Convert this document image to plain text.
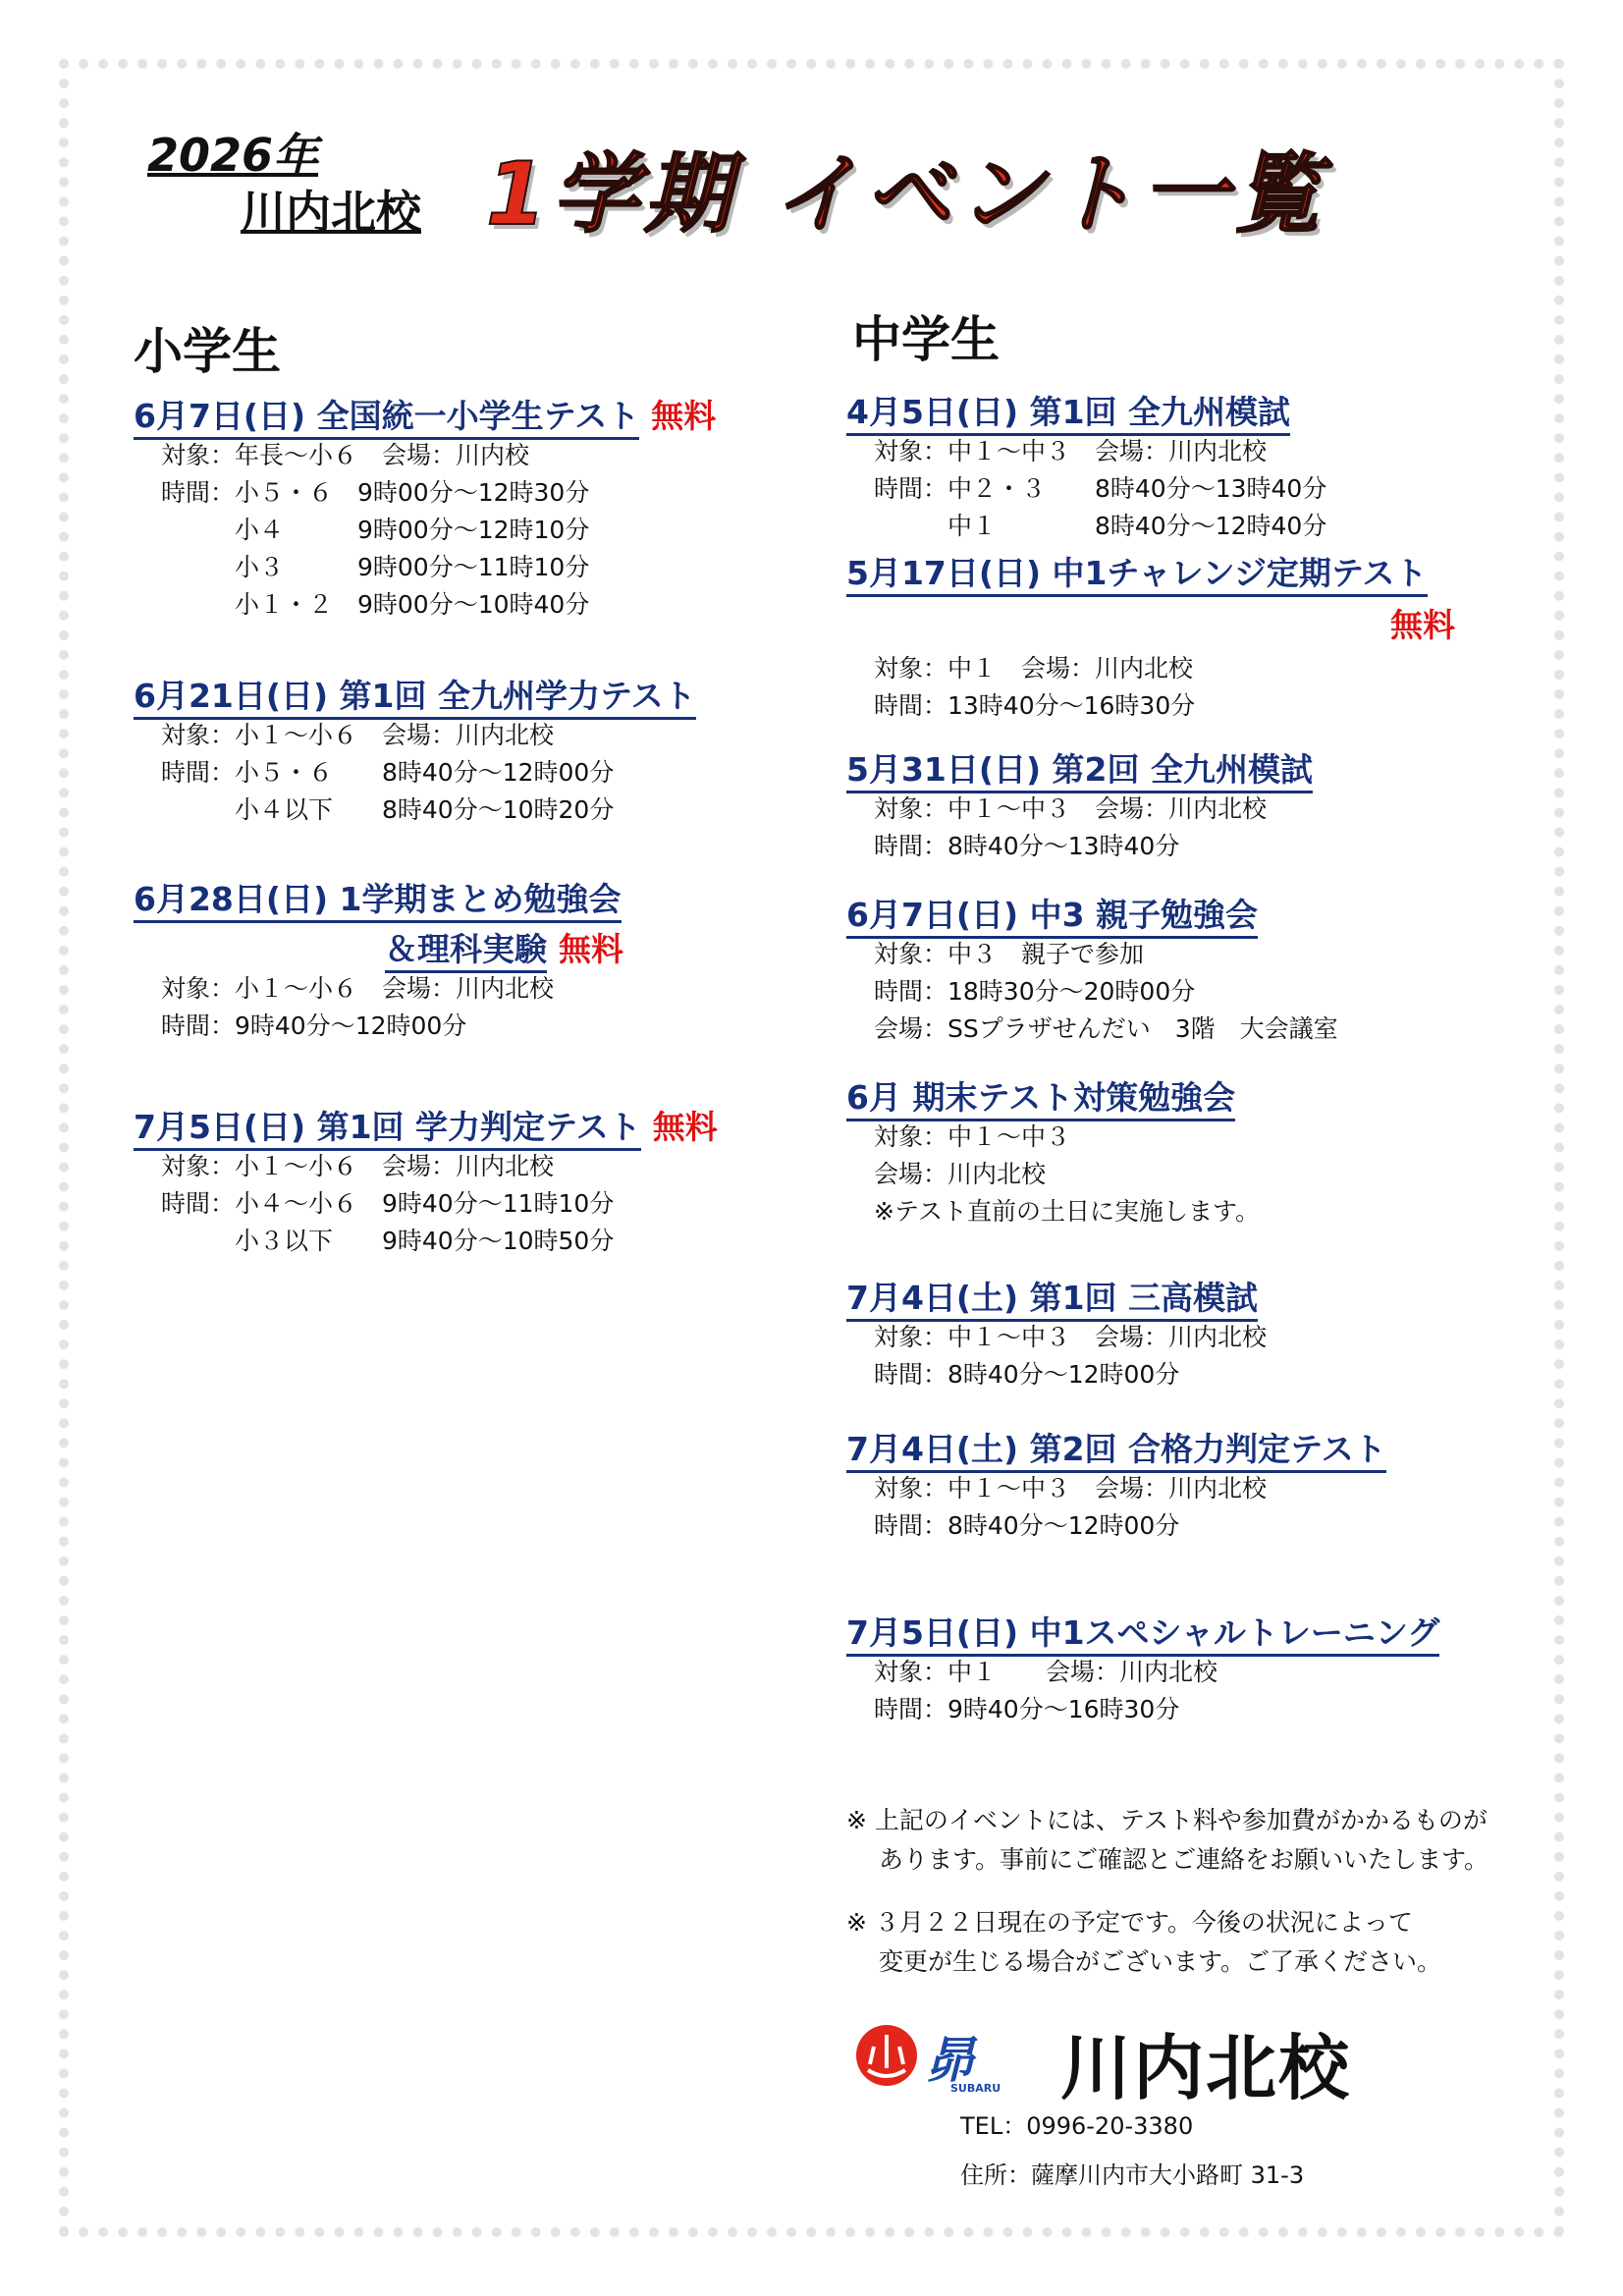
2026年
川内北校 1学期 イベント一覧
小学生	中学生
6月7日(日) 全国統一小学生テスト 無料
対象：年長～小６　会場：川内校
時間：小５・６　9時00分～12時30分
　　　小４　　　9時00分～12時10分
　　　小３　　　9時00分～11時10分
　　　小１・２　9時00分～10時40分
6月21日(日) 第1回 全九州学力テスト
対象：小１～小６　会場：川内北校
時間：小５・６　　8時40分～12時00分
　　　小４以下　　8時40分～10時20分
6月28日(日) 1学期まとめ勉強会
＆理科実験 無料
対象：小１～小６　会場：川内北校
時間：9時40分～12時00分
7月5日(日) 第1回 学力判定テスト 無料
対象：小１～小６　会場：川内北校
時間：小４～小６　9時40分～11時10分
　　　小３以下　　9時40分～10時50分
4月5日(日) 第1回 全九州模試
対象：中１～中３　会場：川内北校
時間：中２・３　　8時40分～13時40分
　　　中１　　　　8時40分～12時40分
5月17日(日) 中1チャレンジ定期テスト
無料
対象：中１　会場：川内北校
時間：13時40分～16時30分
5月31日(日) 第2回 全九州模試
対象：中１～中３　会場：川内北校
時間：8時40分～13時40分
6月7日(日) 中3 親子勉強会
対象：中３　親子で参加
時間：18時30分～20時00分
会場：SSプラザせんだい　3階　大会議室
6月 期末テスト対策勉強会
対象：中１～中３
会場：川内北校
※テスト直前の土日に実施します。
7月4日(土) 第1回 三高模試
対象：中１～中３　会場：川内北校
時間：8時40分～12時00分
7月4日(土) 第2回 合格力判定テスト
対象：中１～中３　会場：川内北校
時間：8時40分～12時00分
7月5日(日) 中1スペシャルトレーニング
対象：中１　　会場：川内北校
時間：9時40分～16時30分
※ 上記のイベントには、テスト料や参加費がかかるものが
　 あります。事前にご確認とご連絡をお願いいたします。
※ ３月２２日現在の予定です。今後の状況によって
　 変更が生じる場合がございます。ご了承ください。
昴
SUBARU 川内北校
TEL：0996-20-3380
住所：薩摩川内市大小路町 31-3
